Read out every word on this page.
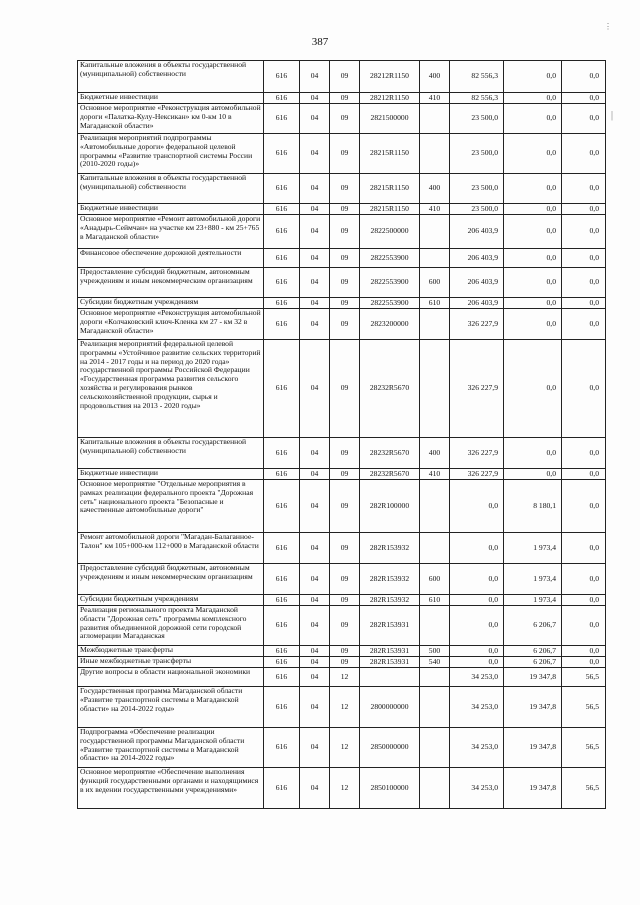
387
⋮
|
Капитальные вложения в объекты государственной (муниципальной) собственности	616	04	09	28212R1150	400	82 556,3	0,0	0,0
Бюджетные инвестиции	616	04	09	28212R1150	410	82 556,3	0,0	0,0
Основное мероприятие «Реконструкция автомобильной дороги «Палатка-Кулу-Нексикан» км 0-км 10 в Магаданской области»	616	04	09	2821500000		23 500,0	0,0	0,0
Реализация мероприятий подпрограммы «Автомобильные дороги» федеральной целевой программы «Развитие транспортной системы России (2010-2020 годы)»	616	04	09	28215R1150		23 500,0	0,0	0,0
Капитальные вложения в объекты государственной (муниципальной) собственности	616	04	09	28215R1150	400	23 500,0	0,0	0,0
Бюджетные инвестиции	616	04	09	28215R1150	410	23 500,0	0,0	0,0
Основное мероприятие «Ремонт автомобильной дороги «Анадырь-Сеймчан» на участке км 23+880 - км 25+765 в Магаданской области»	616	04	09	2822500000		206 403,9	0,0	0,0
Финансовое обеспечение дорожной деятельности	616	04	09	2822553900		206 403,9	0,0	0,0
Предоставление субсидий бюджетным, автономным учреждениям и иным некоммерческим организациям	616	04	09	2822553900	600	206 403,9	0,0	0,0
Субсидии бюджетным учреждениям	616	04	09	2822553900	610	206 403,9	0,0	0,0
Основное мероприятие «Реконструкция автомобильной дороги «Колчаковский ключ-Кленка км 27 - км 32 в Магаданской области»	616	04	09	2823200000		326 227,9	0,0	0,0
Реализация мероприятий федеральной целевой программы «Устойчивое развитие сельских территорий на 2014 - 2017 годы и на период до 2020 года» государственной программы Российской Федерации «Государственная программа развития сельского хозяйства и регулирования рынков сельскохозяйственной продукции, сырья и продовольствия на 2013 - 2020 годы»	616	04	09	28232R5670		326 227,9	0,0	0,0
Капитальные вложения в объекты государственной (муниципальной) собственности	616	04	09	28232R5670	400	326 227,9	0,0	0,0
Бюджетные инвестиции	616	04	09	28232R5670	410	326 227,9	0,0	0,0
Основное мероприятие "Отдельные мероприятия в рамках реализации федерального проекта "Дорожная сеть" национального проекта "Безопасные и качественные автомобильные дороги"	616	04	09	282R100000		0,0	8 180,1	0,0
Ремонт автомобильной дороги "Магадан-Балаганное-Талон" км 105+000-км 112+000 в Магаданской области	616	04	09	282R153932		0,0	1 973,4	0,0
Предоставление субсидий бюджетным, автономным учреждениям и иным некоммерческим организациям	616	04	09	282R153932	600	0,0	1 973,4	0,0
Субсидии бюджетным учреждениям	616	04	09	282R153932	610	0,0	1 973,4	0,0
Реализация регионального проекта Магаданской области "Дорожная сеть" программы комплексного развития объединенной дорожной сети городской агломерации Магаданская	616	04	09	282R153931		0,0	6 206,7	0,0
Межбюджетные трансферты	616	04	09	282R153931	500	0,0	6 206,7	0,0
Иные межбюджетные трансферты	616	04	09	282R153931	540	0,0	6 206,7	0,0
Другие вопросы в области национальной экономики	616	04	12			34 253,0	19 347,8	56,5
Государственная программа Магаданской области «Развитие транспортной системы в Магаданской области» на 2014-2022 годы»	616	04	12	2800000000		34 253,0	19 347,8	56,5
Подпрограмма «Обеспечение реализации государственной программы Магаданской области «Развитие транспортной системы в Магаданской области» на 2014-2022 годы»	616	04	12	2850000000		34 253,0	19 347,8	56,5
Основное мероприятие «Обеспечение выполнения функций государственными органами и находящимися в их ведении государственными учреждениями»	616	04	12	2850100000		34 253,0	19 347,8	56,5
